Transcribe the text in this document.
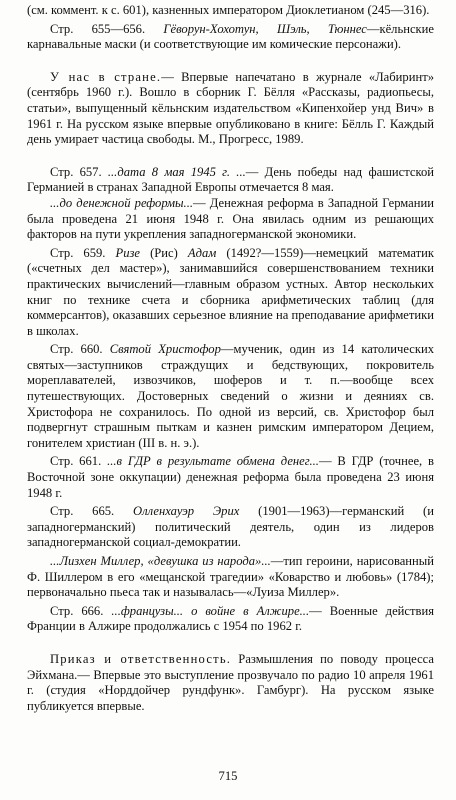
(см. коммент. к с. 601), казненных императором Диоклетианом (245—316).

Стр. 655—656. Гёворун-Хохотун, Шэль, Тюннес—кёльнские карнавальные маски (и соответствующие им комические персонажи).

У нас в стране.— Впервые напечатано в журнале «Лабиринт» (сентябрь 1960 г.). Вошло в сборник Г. Бёлля «Рассказы, радиопьесы, статьи», выпущенный кёльнским издательством «Кипенхойер унд Вич» в 1961 г. На русском языке впервые опубликовано в книге: Бёлль Г. Каждый день умирает частица свободы. М., Прогресс, 1989.

Стр. 657. ...дата 8 мая 1945 г. ...— День победы над фашистской Германией в странах Западной Европы отмечается 8 мая.

...до денежной реформы...— Денежная реформа в Западной Германии была проведена 21 июня 1948 г. Она явилась одним из решающих факторов на пути укрепления западногерманской экономики.

Стр. 659. Ризе (Рис) Адам (1492?—1559)—немецкий математик («счетных дел мастер»), занимавшийся совершенствованием техники практических вычислений—главным образом устных. Автор нескольких книг по технике счета и сборника арифметических таблиц (для коммерсантов), оказавших серьезное влияние на преподавание арифметики в школах.

Стр. 660. Святой Христофор—мученик, один из 14 католических святых—заступников страждущих и бедствующих, покровитель мореплавателей, извозчиков, шоферов и т. п.—вообще всех путешествующих. Достоверных сведений о жизни и деяниях св. Христофора не сохранилось. По одной из версий, св. Христофор был подвергнут страшным пыткам и казнен римским императором Децием, гонителем христиан (III в. н. э.).

Стр. 661. ...в ГДР в результате обмена денег...— В ГДР (точнее, в Восточной зоне оккупации) денежная реформа была проведена 23 июня 1948 г.

Стр. 665. Олленхауэр Эрих (1901—1963)—германский (и западногерманский) политический деятель, один из лидеров западногерманской социал-демократии.

...Лизхен Миллер, «девушка из народа»...—тип героини, нарисованный Ф. Шиллером в его «мещанской трагедии» «Коварство и любовь» (1784); первоначально пьеса так и называлась—«Луиза Миллер».

Стр. 666. ...французы... о войне в Алжире...— Военные действия Франции в Алжире продолжались с 1954 по 1962 г.

Приказ и ответственность. Размышления по поводу процесса Эйхмана.— Впервые это выступление прозвучало по радио 10 апреля 1961 г. (студия «Норддойчер рундфунк». Гамбург). На русском языке публикуется впервые.

715
